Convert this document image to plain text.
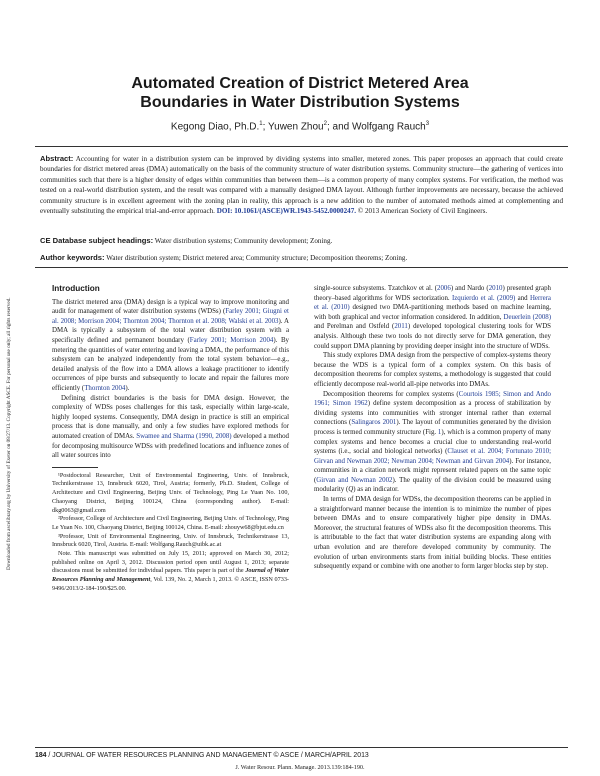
Downloaded from ascelibrary.org by University of Exeter on 08/27/13. Copyright ASCE. For personal use only; all rights reserved.
Automated Creation of District Metered Area
Boundaries in Water Distribution Systems
Kegong Diao, Ph.D.$^1$; Yuwen Zhou$^2$; and Wolfgang Rauch$^3$
Abstract: Accounting for water in a distribution system can be improved by dividing systems into smaller, metered zones. This paper proposes an approach that could create boundaries for district metered areas (DMA) automatically on the basis of the community structure of water distribution systems. Community structure—the gathering of vertices into communities such that there is a higher density of edges within communities than between them—is a common property of many complex systems. For verification, the method was tested on a real-world distribution system, and the result was compared with a manually designed DMA layout. Although further improvements are necessary, because the achieved community structure is in excellent agreement with the zoning plan in reality, this approach is a new addition to the number of automated methods aimed at complementing and eventually substituting the empirical trial-and-error approach. DOI: 10.1061/(ASCE)WR.1943-5452.0000247. © 2013 American Society of Civil Engineers.
CE Database subject headings: Water distribution systems; Community development; Zoning.
Author keywords: Water distribution system; District metered area; Community structure; Decomposition theorems; Zoning.
Introduction

The district metered area (DMA) design is a typical way to improve monitoring and audit for management of water distribution systems (WDSs) (Farley 2001; Giugni et al. 2008; Morrison 2004; Thornton 2004; Thornton et al. 2008; Walski et al. 2003). A DMA is typically a subsystem of the total water distribution system with a specifically defined and permanent boundary (Farley 2001; Morrison 2004). By metering the quantities of water entering and leaving a DMA, the performance of this subsystem can be analyzed independently from the total system behavior—e.g., detailed analysis of the flow into a DMA allows a leakage practitioner to identify occurrences of pipe bursts and subsequently to locate and repair the failures more efficiently (Thornton 2004).

Defining district boundaries is the basis for DMA design. However, the complexity of WDSs poses challenges for this task, especially within large-scale, highly looped systems. Consequently, DMA design in practice is still an empirical process that is done manually, and only a few studies have explored methods for automated creation of DMAs. Swamee and Sharma (1990, 2008) developed a method for decomposing multisource WDSs with predefined locations and influence zones of all water sources into

¹Postdoctoral Researcher, Unit of Environmental Engineering, Univ. of Innsbruck, Technikerstrasse 13, Innsbruck 6020, Tirol, Austria; formerly, Ph.D. Student, College of Architecture and Civil Engineering, Beijing Univ. of Technology, Ping Le Yuan No. 100, Chaoyang District, Beijing 100124, China (corresponding author). E-mail: dkg0063@gmail.com

²Professor, College of Architecture and Civil Engineering, Beijing Univ. of Technology, Ping Le Yuan No. 100, Chaoyang District, Beijing 100124, China. E-mail: zhouyw68@bjut.edu.cn

³Professor, Unit of Environmental Engineering, Univ. of Innsbruck, Technikerstrasse 13, Innsbruck 6020, Tirol, Austria. E-mail: Wolfgang.Rauch@uibk.ac.at

Note. This manuscript was submitted on July 15, 2011; approved on March 30, 2012; published online on April 3, 2012. Discussion period open until August 1, 2013; separate discussions must be submitted for individual papers. This paper is part of the Journal of Water Resources Planning and Management, Vol. 139, No. 2, March 1, 2013. © ASCE, ISSN 0733-9496/2013/2-184-190/$25.00.

single-source subsystems. Tzatchkov et al. (2006) and Nardo (2010) presented graph theory–based algorithms for WDS sectorization. Izquierdo et al. (2009) and Herrera et al. (2010) designed two DMA-partitioning methods based on machine learning, with both graphical and vector information considered. In addition, Deuerlein (2008) and Perelman and Ostfeld (2011) developed topological clustering tools for WDS analysis. Although these two tools do not directly serve for DMA generation, they could support DMA planning by providing deeper insight into the structure of WDSs.

This study explores DMA design from the perspective of complex-systems theory because the WDS is a typical form of a complex system. On this basis of decomposition theorems for complex systems, a methodology is suggested that could efficiently decompose real-world all-pipe networks into DMAs.

Decomposition theorems for complex systems (Courtois 1985; Simon and Ando 1961; Simon 1962) define system decomposition as a process of stabilization by dividing systems into communities with stronger internal rather than external connections (Salingaros 2001). The layout of communities generated by the division process is termed community structure (Fig. 1), which is a common property of many complex systems and hence becomes a crucial clue to understanding real-world systems (i.e., social and biological networks) (Clauset et al. 2004; Fortunato 2010; Girvan and Newman 2002; Newman 2004; Newman and Girvan 2004). For instance, communities in a citation network might represent related papers on the same topic (Girvan and Newman 2002). The quality of the division could be measured using modularity (Q) as an indicator.

In terms of DMA design for WDSs, the decomposition theorems can be applied in a straightforward manner because the intention is to minimize the number of pipes between DMAs and to ensure comparatively higher pipe density in DMAs. Moreover, the structural features of WDSs also fit the decomposition theorems. This is attributable to the fact that water distribution systems are expanding along with urban evolution and are therefore developed community by community. The evolution of urban environments starts from initial building blocks. These entities subsequently expand or combine with one another to form larger blocks step by step.

184 / JOURNAL OF WATER RESOURCES PLANNING AND MANAGEMENT © ASCE / MARCH/APRIL 2013
J. Water Resour. Plann. Manage. 2013.139:184-190.
